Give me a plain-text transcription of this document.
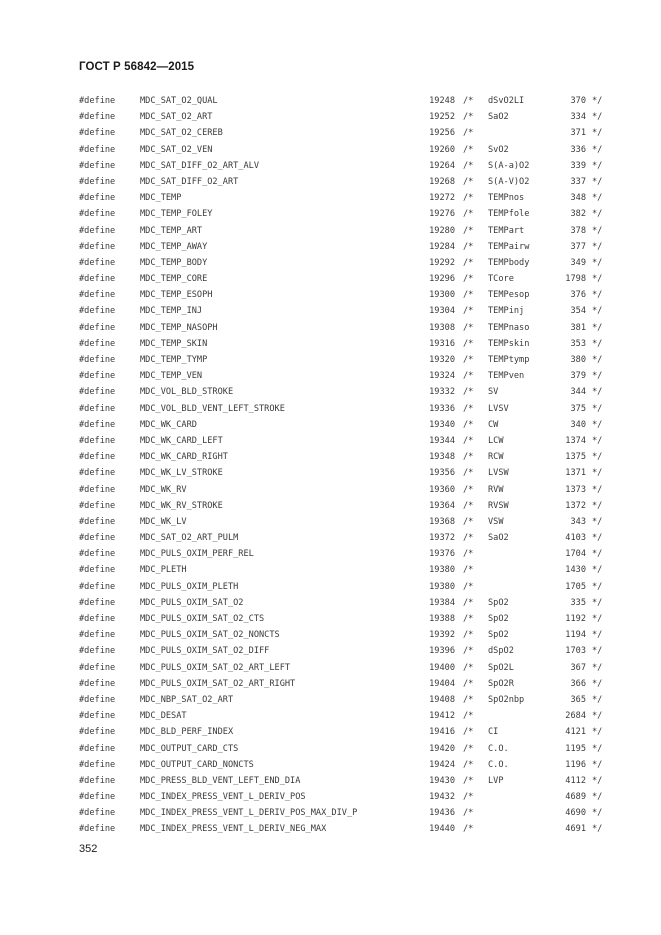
ГОСТ Р 56842—2015
#define	MDC_SAT_O2_QUAL	19248 /* dSvO2LI	370 */
#define	MDC_SAT_O2_ART	19252 /* SaO2	334 */
#define	MDC_SAT_O2_CEREB	19256 /*	371 */
#define	MDC_SAT_O2_VEN	19260 /* SvO2	336 */
#define	MDC_SAT_DIFF_O2_ART_ALV	19264 /* S(A-a)O2	339 */
#define	MDC_SAT_DIFF_O2_ART	19268 /* S(A-V)O2	337 */
#define	MDC_TEMP	19272 /* TEMPnos	348 */
#define	MDC_TEMP_FOLEY	19276 /* TEMPfole	382 */
#define	MDC_TEMP_ART	19280 /* TEMPart	378 */
#define	MDC_TEMP_AWAY	19284 /* TEMPairw	377 */
#define	MDC_TEMP_BODY	19292 /* TEMPbody	349 */
#define	MDC_TEMP_CORE	19296 /* TCore	1798 */
#define	MDC_TEMP_ESOPH	19300 /* TEMPesop	376 */
#define	MDC_TEMP_INJ	19304 /* TEMPinj	354 */
#define	MDC_TEMP_NASOPH	19308 /* TEMPnaso	381 */
#define	MDC_TEMP_SKIN	19316 /* TEMPskin	353 */
#define	MDC_TEMP_TYMP	19320 /* TEMPtymp	380 */
#define	MDC_TEMP_VEN	19324 /* TEMPven	379 */
#define	MDC_VOL_BLD_STROKE	19332 /* SV	344 */
#define	MDC_VOL_BLD_VENT_LEFT_STROKE	19336 /* LVSV	375 */
#define	MDC_WK_CARD	19340 /* CW	340 */
#define	MDC_WK_CARD_LEFT	19344 /* LCW	1374 */
#define	MDC_WK_CARD_RIGHT	19348 /* RCW	1375 */
#define	MDC_WK_LV_STROKE	19356 /* LVSW	1371 */
#define	MDC_WK_RV	19360 /* RVW	1373 */
#define	MDC_WK_RV_STROKE	19364 /* RVSW	1372 */
#define	MDC_WK_LV	19368 /* VSW	343 */
#define	MDC_SAT_O2_ART_PULM	19372 /* SaO2	4103 */
#define	MDC_PULS_OXIM_PERF_REL	19376 /*	1704 */
#define	MDC_PLETH	19380 /*	1430 */
#define	MDC_PULS_OXIM_PLETH	19380 /*	1705 */
#define	MDC_PULS_OXIM_SAT_O2	19384 /* SpO2	335 */
#define	MDC_PULS_OXIM_SAT_O2_CTS	19388 /* SpO2	1192 */
#define	MDC_PULS_OXIM_SAT_O2_NONCTS	19392 /* SpO2	1194 */
#define	MDC_PULS_OXIM_SAT_O2_DIFF	19396 /* dSpO2	1703 */
#define	MDC_PULS_OXIM_SAT_O2_ART_LEFT	19400 /* SpO2L	367 */
#define	MDC_PULS_OXIM_SAT_O2_ART_RIGHT	19404 /* SpO2R	366 */
#define	MDC_NBP_SAT_O2_ART	19408 /* SpO2nbp	365 */
#define	MDC_DESAT	19412 /*	2684 */
#define	MDC_BLD_PERF_INDEX	19416 /* CI	4121 */
#define	MDC_OUTPUT_CARD_CTS	19420 /* C.O.	1195 */
#define	MDC_OUTPUT_CARD_NONCTS	19424 /* C.O.	1196 */
#define	MDC_PRESS_BLD_VENT_LEFT_END_DIA	19430 /* LVP	4112 */
#define	MDC_INDEX_PRESS_VENT_L_DERIV_POS	19432 /*	4689 */
#define	MDC_INDEX_PRESS_VENT_L_DERIV_POS_MAX_DIV_P	19436 /*	4690 */
#define	MDC_INDEX_PRESS_VENT_L_DERIV_NEG_MAX	19440 /*	4691 */
352
